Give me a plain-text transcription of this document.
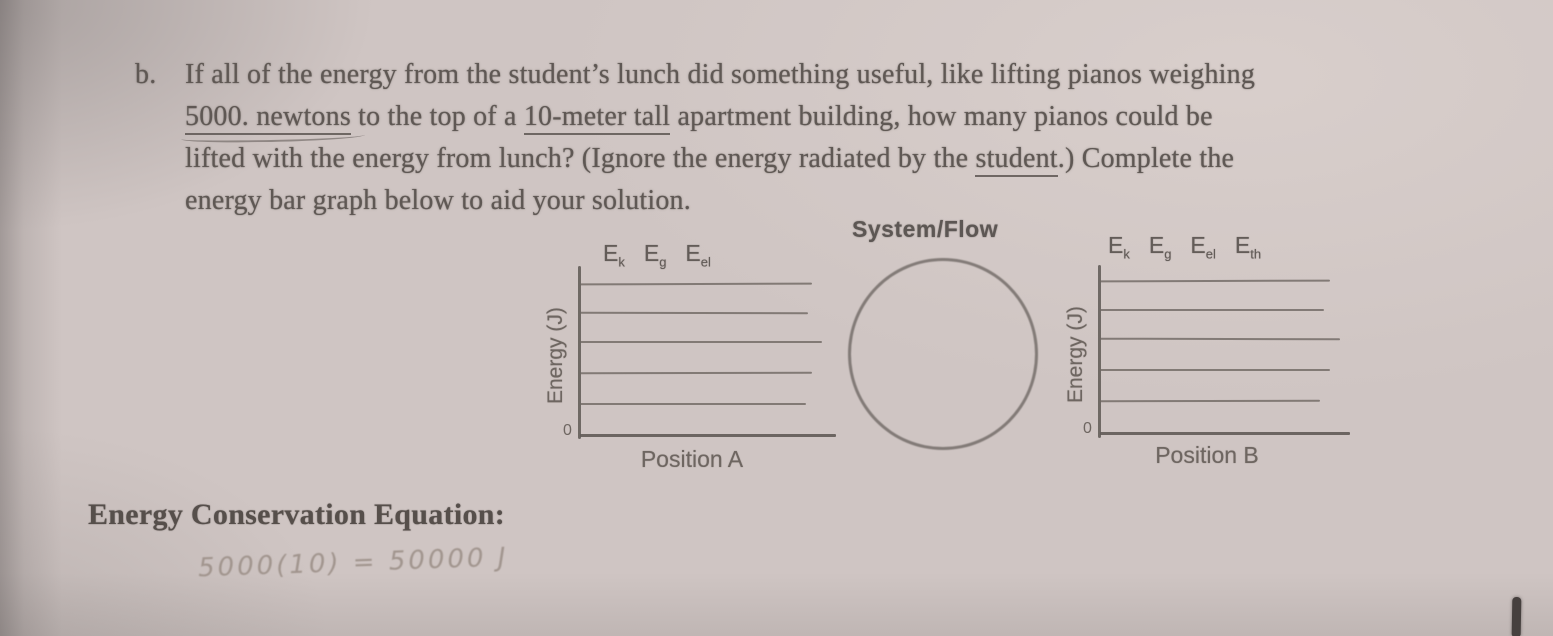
b.	If all of the energy from the student’s lunch did something useful, like lifting pianos weighing
5000. newtons to the top of a 10-meter tall apartment building, how many pianos could be
lifted with the energy from lunch? (Ignore the energy radiated by the student.) Complete the
energy bar graph below to aid your solution.
$E_k$ $E_g$ $E_{el}$
Energy (J)
0
Position A
System/Flow
$E_k$ $E_g$ $E_{el}$ $E_{th}$
Energy (J)
0
Position B
Energy Conservation Equation:
5000(10) = 50000 J
